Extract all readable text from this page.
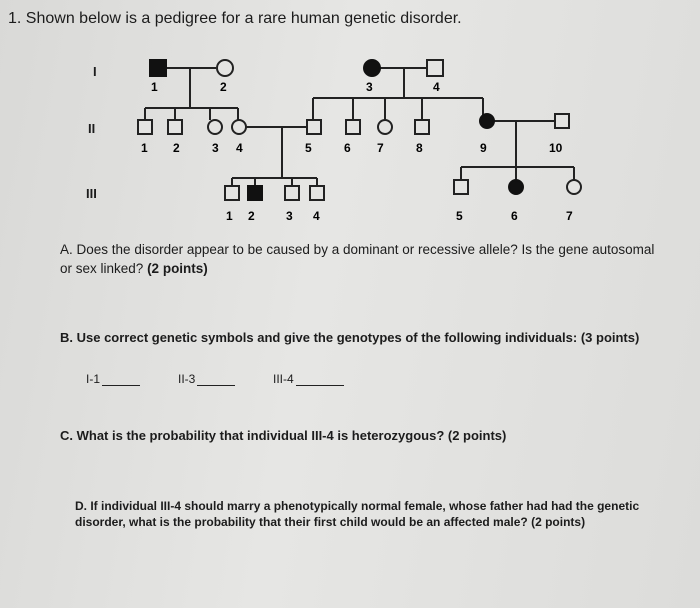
1. Shown below is a pedigree for a rare human genetic disorder.
I
II
III
1	2	3	4
1 2	3 4	5	6 7	8	9	10
1 2	3 4	5	6	7
A. Does the disorder appear to be caused by a dominant or recessive allele? Is the gene autosomal or sex linked? (2 points)
B. Use correct genetic symbols and give the genotypes of the following individuals: (3 points)
I-1	II-3	III-4
C. What is the probability that individual III-4 is heterozygous? (2 points)
D. If individual III-4 should marry a phenotypically normal female, whose father had had the genetic disorder, what is the probability that their first child would be an affected male? (2 points)
